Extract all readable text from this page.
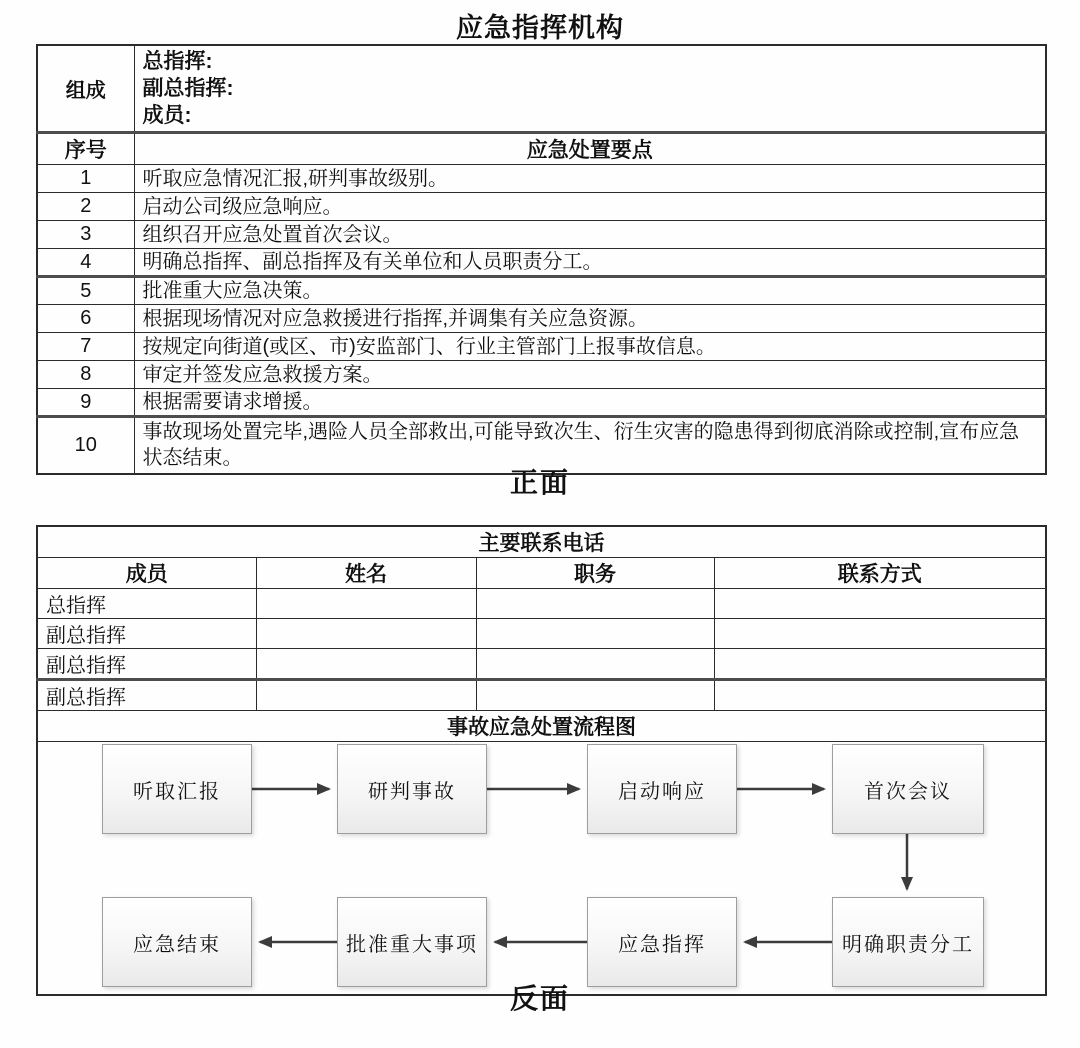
应急指挥机构
组成	总指挥:
副总指挥:
成员:

序号	应急处置要点
1	听取应急情况汇报,研判事故级别。
2	启动公司级应急响应。
3	组织召开应急处置首次会议。
4	明确总指挥、副总指挥及有关单位和人员职责分工。
5	批准重大应急决策。
6	根据现场情况对应急救援进行指挥,并调集有关应急资源。
7	按规定向街道(或区、市)安监部门、行业主管部门上报事故信息。
8	审定并签发应急救援方案。
9	根据需要请求增援。
10	事故现场处置完毕,遇险人员全部救出,可能导致次生、衍生灾害的隐患得到彻底消除或控制,宣布应急状态结束。
正面
主要联系电话			
成员	姓名	职务	联系方式
总指挥			
副总指挥			
副总指挥			
副总指挥			
事故应急处置流程图			

听取汇报	研判事故	启动响应	首次会议
明确职责分工
应急指挥
批准重大事项
应急结束
反面
